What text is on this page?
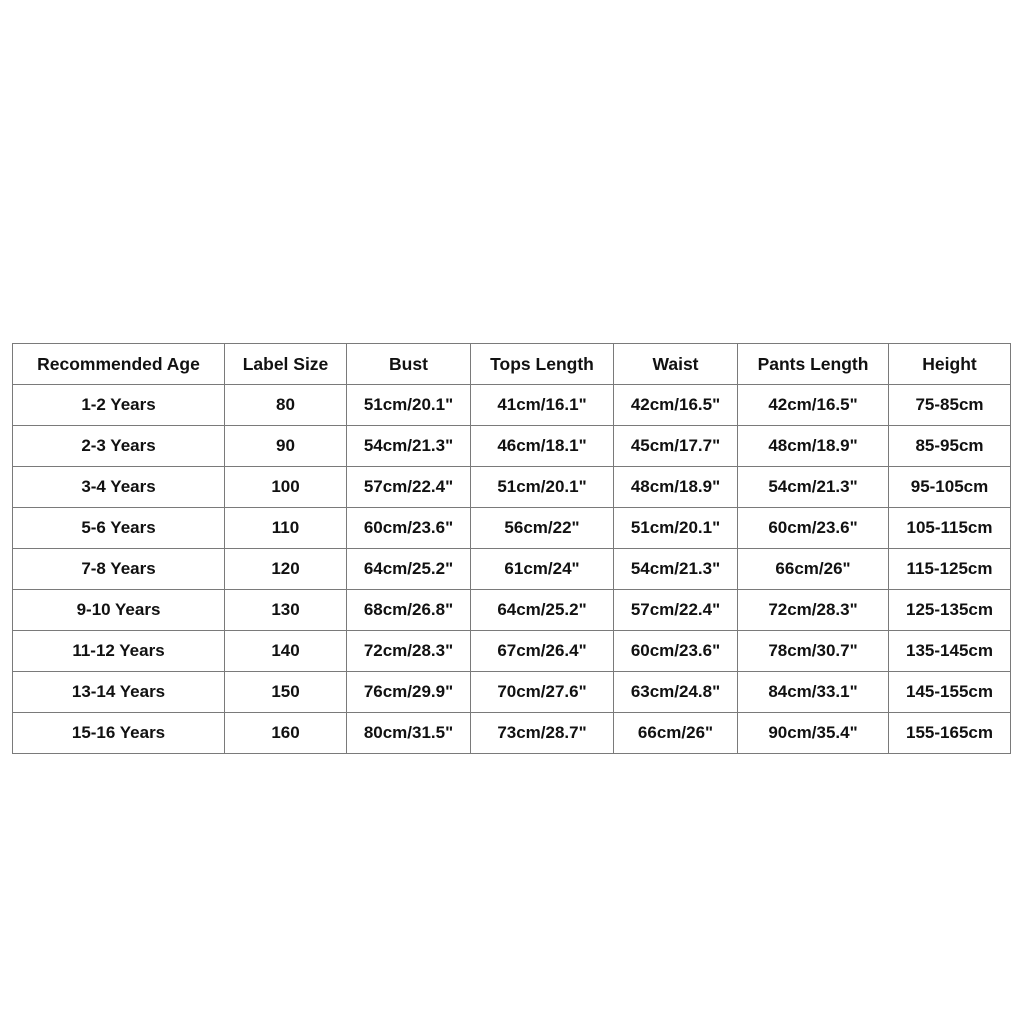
Recommended Age	Label Size	Bust	Tops Length	Waist	Pants Length	Height
1-2 Years	80	51cm/20.1"	41cm/16.1"	42cm/16.5"	42cm/16.5"	75-85cm
2-3 Years	90	54cm/21.3"	46cm/18.1"	45cm/17.7"	48cm/18.9"	85-95cm
3-4 Years	100	57cm/22.4"	51cm/20.1"	48cm/18.9"	54cm/21.3"	95-105cm
5-6 Years	110	60cm/23.6"	56cm/22"	51cm/20.1"	60cm/23.6"	105-115cm
7-8 Years	120	64cm/25.2"	61cm/24"	54cm/21.3"	66cm/26"	115-125cm
9-10 Years	130	68cm/26.8"	64cm/25.2"	57cm/22.4"	72cm/28.3"	125-135cm
11-12 Years	140	72cm/28.3"	67cm/26.4"	60cm/23.6"	78cm/30.7"	135-145cm
13-14 Years	150	76cm/29.9"	70cm/27.6"	63cm/24.8"	84cm/33.1"	145-155cm
15-16 Years	160	80cm/31.5"	73cm/28.7"	66cm/26"	90cm/35.4"	155-165cm
